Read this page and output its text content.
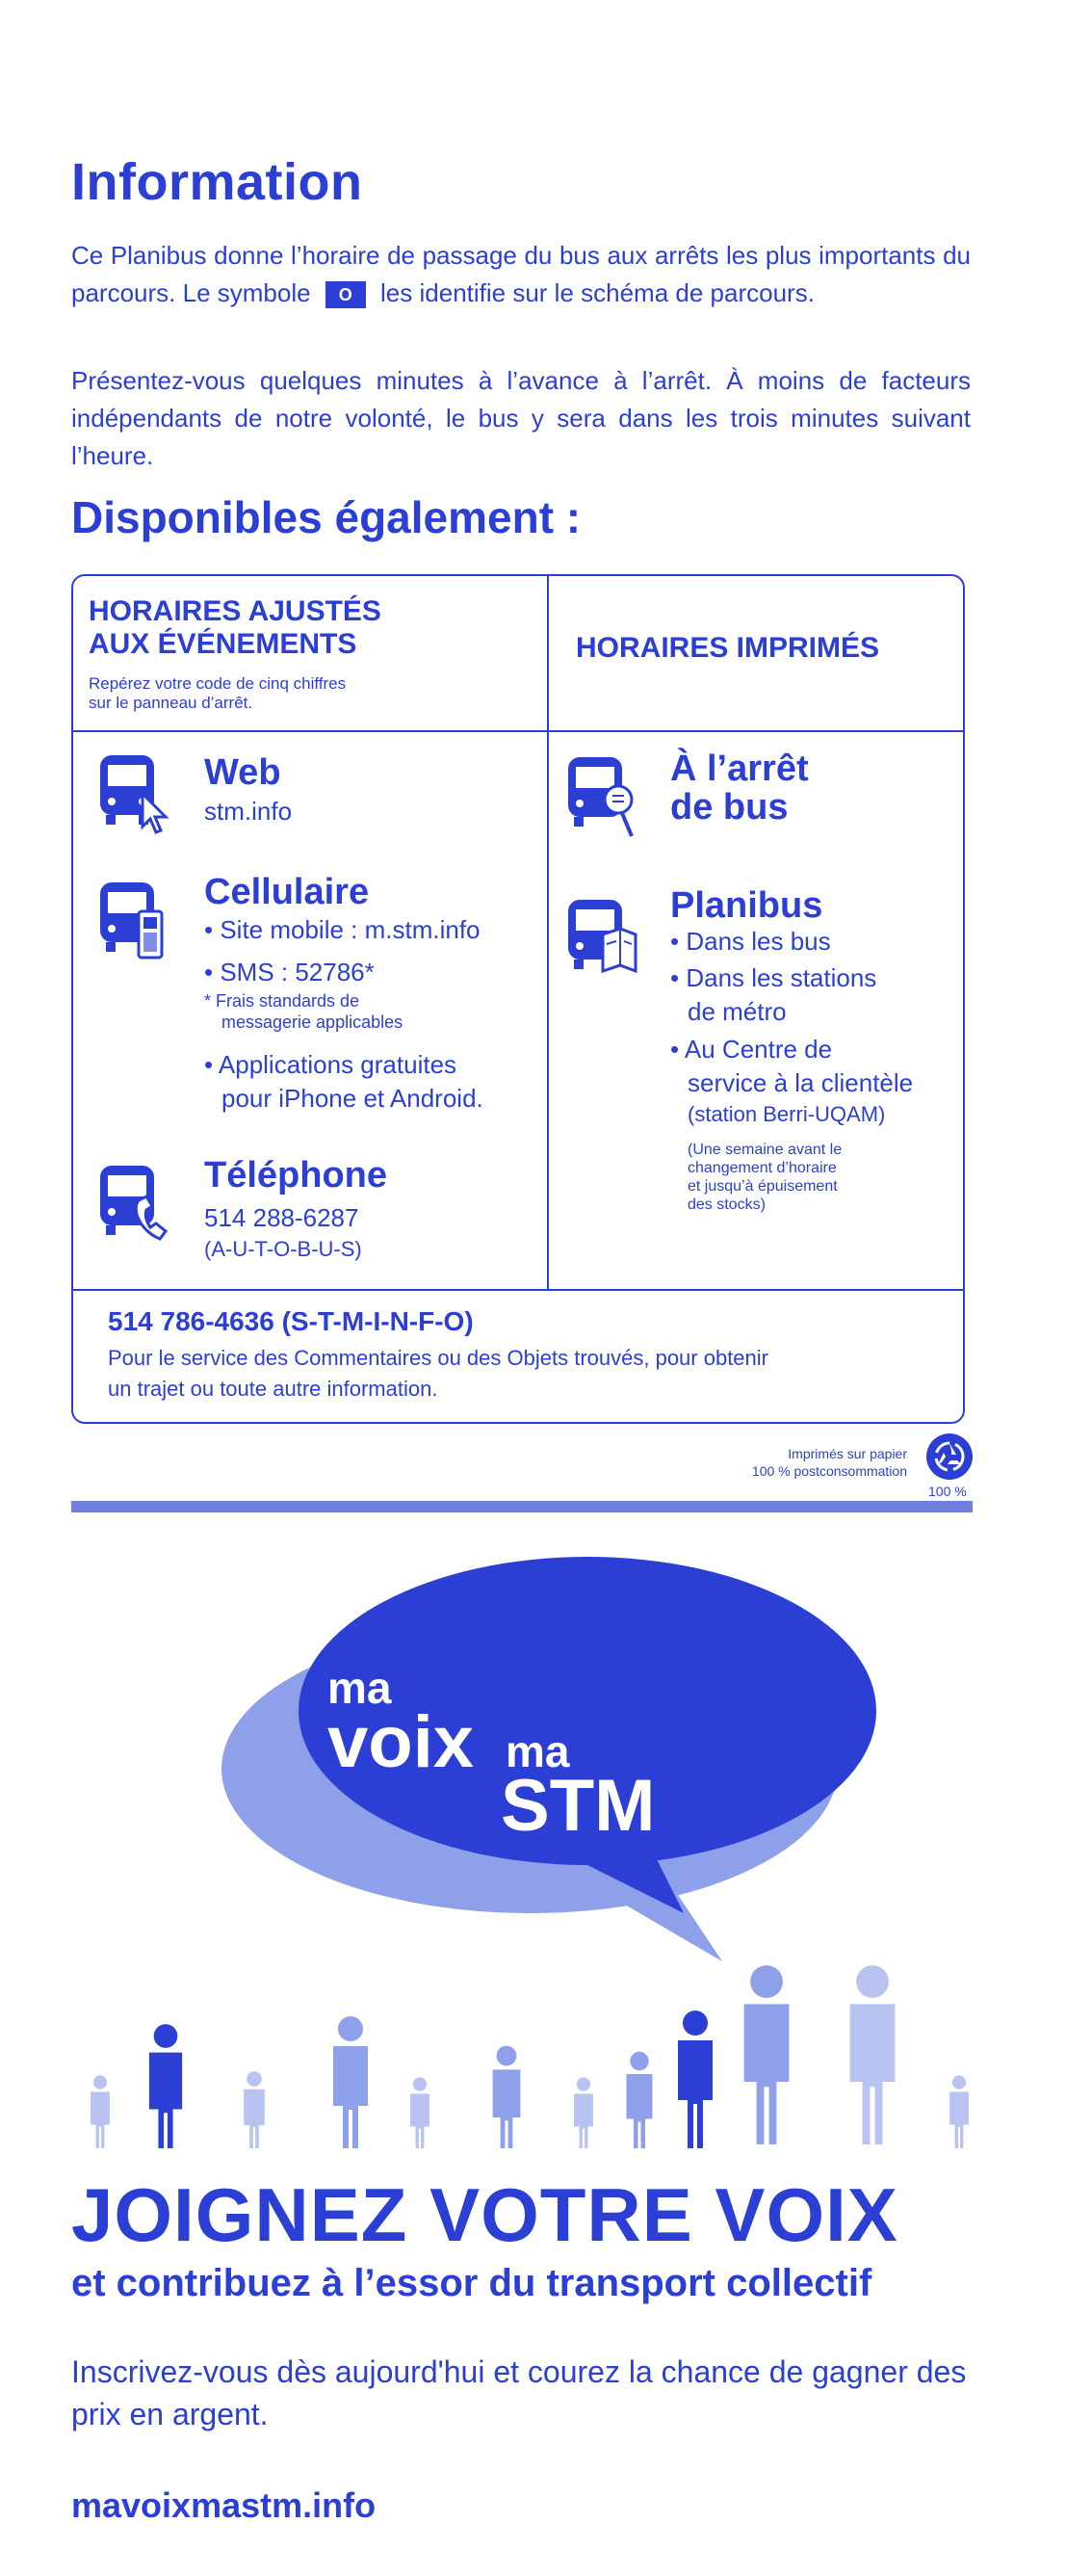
Information
Ce Planibus donne l’horaire de passage du bus aux arrêts les plus importants du parcours. Le symbole O les identifie sur le schéma de parcours.
Présentez-vous quelques minutes à l’avance à l’arrêt. À moins de facteurs indépendants de notre volonté, le bus y sera dans les trois minutes suivant l’heure.
Disponibles également :
HORAIRES AJUSTÉS
AUX ÉVÉNEMENTS
Repérez votre code de cinq chiffres
sur le panneau d’arrêt.
HORAIRES IMPRIMÉS
Web
stm.info
Cellulaire
• Site mobile : m.stm.info
• SMS : 52786*
* Frais standards de
messagerie applicables
• Applications gratuites
pour iPhone et Android.
Téléphone
514 288-6287
(A-U-T-O-B-U-S)
À l’arrêt
de bus
Planibus
• Dans les bus
• Dans les stations
de métro
• Au Centre de
service à la clientèle
(station Berri-UQAM)
(Une semaine avant le
changement d’horaire
et jusqu’à épuisement
des stocks)
514 786-4636 (S-T-M-I-N-F-O)
Pour le service des Commentaires ou des Objets trouvés, pour obtenir
un trajet ou toute autre information.
Imprimés sur papier
100 % postconsommation
100 %
ma
voix ma
STM
JOIGNEZ VOTRE VOIX
et contribuez à l’essor du transport collectif
Inscrivez-vous dès aujourd'hui et courez la chance de gagner des prix en argent.
mavoixmastm.info
